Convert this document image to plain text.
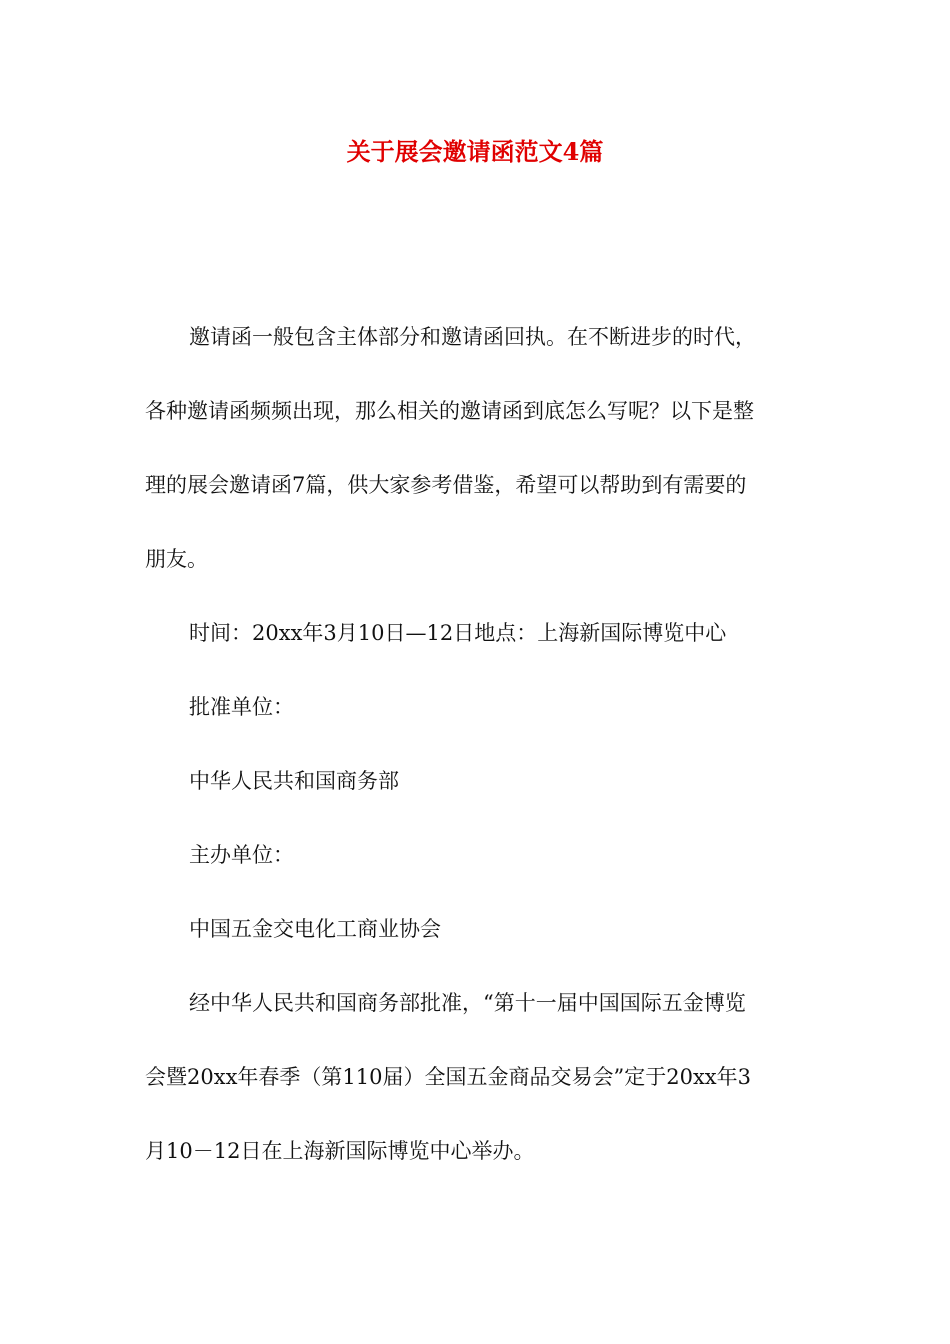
关于展会邀请函范文4篇
邀请函一般包含主体部分和邀请函回执。在不断进步的时代，
各种邀请函频频出现，那么相关的邀请函到底怎么写呢？以下是整
理的展会邀请函7篇，供大家参考借鉴，希望可以帮助到有需要的
朋友。
时间：20xx年3月10日—12日地点：上海新国际博览中心
批准单位：
中华人民共和国商务部
主办单位：
中国五金交电化工商业协会
经中华人民共和国商务部批准，“第十一届中国国际五金博览
会暨20xx年春季（第110届）全国五金商品交易会”定于20xx年3
月10－12日在上海新国际博览中心举办。
